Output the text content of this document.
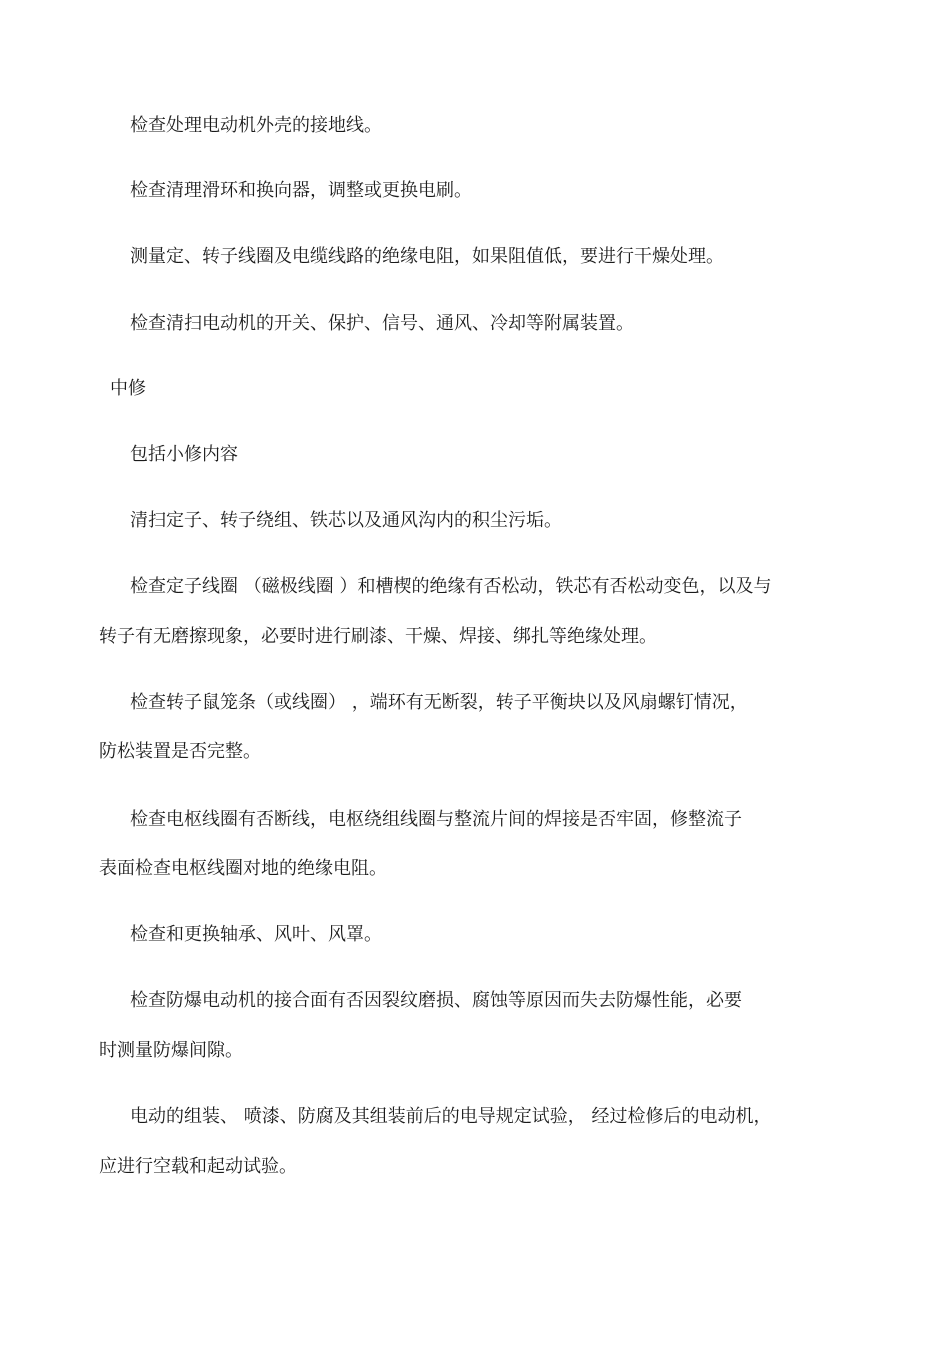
检查处理电动机外壳的接地线。
检查清理滑环和换向器，调整或更换电刷。
测量定、转子线圈及电缆线路的绝缘电阻，如果阻值低，要进行干燥处理。
检查清扫电动机的开关、保护、信号、通风、冷却等附属装置。
中修
包括小修内容
清扫定子、转子绕组、铁芯以及通风沟内的积尘污垢。
检查定子线圈 （磁极线圈 ）和槽楔的绝缘有否松动，铁芯有否松动变色，以及与
转子有无磨擦现象，必要时进行刷漆、干燥、焊接、绑扎等绝缘处理。
检查转子鼠笼条（或线圈） ，端环有无断裂，转子平衡块以及风扇螺钉情况，
防松装置是否完整。
检查电枢线圈有否断线，电枢绕组线圈与整流片间的焊接是否牢固，修整流子
表面检查电枢线圈对地的绝缘电阻。
检查和更换轴承、风叶、风罩。
检查防爆电动机的接合面有否因裂纹磨损、腐蚀等原因而失去防爆性能，必要
时测量防爆间隙。
电动的组装、 喷漆、防腐及其组装前后的电导规定试验， 经过检修后的电动机，
应进行空载和起动试验。
